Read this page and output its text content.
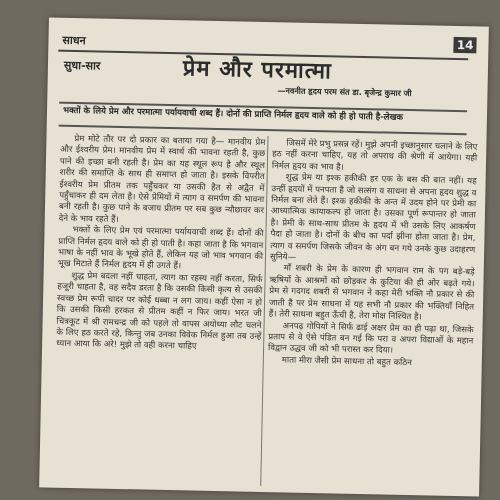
साधन	14
सुधा-सार	प्रेम और परमात्मा
—नवनीत हृदय परम संत डा. बृजेन्द्र कुमार जी
भक्तों के लिये प्रेम और परमात्मा पर्यायवाची शब्द हैं। दोनों की प्राप्ति निर्मल हृदय वाले को ही हो पाती है-लेखक

प्रेम मोटे तौर पर दो प्रकार का बताया गया है— मानवीय प्रेम और ईश्वरीय प्रेम। मानवीय प्रेम में स्वार्थ की भावना रहती है, कुछ पाने की इच्छा बनी रहती है। प्रेम का यह स्थूल रूप है और स्थूल शरीर की समाप्ति के साथ ही समाप्त हो जाता है। इसके विपरीत ईश्वरीय प्रेम प्रीतम तक पहुँचकर या उसकी हैत से अद्वैत में पहुँचाकर ही दम लेता है। ऐसे प्रेमियों में त्याग व समर्पण की भावना बनी रहती है। कुछ पाने के बजाय प्रीतम पर सब कुछ न्यौछावर कर देने के भाव रहते हैं।

भक्तों के लिए प्रेम एवं परमात्मा पर्यायवाची शब्द हैं। दोनों की प्राप्ति निर्मल हृदय वाले को ही हो पाती है। कहा जाता है कि भगवान भाषा के नहीं भाव के भूखे होते हैं, लेकिन यह जो भाव भगवान की भूख मिटाते हैं निर्मल हृदय में ही उगते हैं।

शुद्ध प्रेम बदला नहीं चाहता, त्याग का रहस्य नहीं करता, सिर्फ हजूरी चाहता है, वह सदैव डरता है कि उसकी किसी कृत्य से उसकी स्वच्छ प्रेम रूपी चादर पर कोई धब्बा न लग जाय। कहीं ऐसा न हो कि उसकी किसी हरकत से प्रीतम कहीं न फिर जाय। भरत जी चित्रकूट में श्री रामचन्द्र जी को पहले तो वापस अयोध्या लौट चलने के लिए हठ करते रहे, किन्तु जब उनका विवेक निर्मल हुआ तब उन्हें ध्यान आया कि अरे! मुझे तो वही करना चाहिए

जिसमें मेरे प्रभु प्रसन्न रहें। मुझे अपनी इच्छानुसार चलाने के लिए हठ नहीं करना चाहिए, यह तो अपराध की श्रेणी में आयेगा। यही निर्मल हृदय का भाव है।

शुद्ध प्रेम या इश्क हकीकी हर एक के बस की बात नहीं। यह उन्हीं हृदयों में पनपता है जो सत्संग व साधना से अपना हृदय शुद्ध व निर्मल बना लेते हैं। इश्क हकीकी के अन्त में उदय होने पर प्रेमी का आध्यात्मिक कायाकल्प हो जाता है। उसका पूर्ण रूपान्तर हो जाता है। प्रेमी के साथ-साथ प्रीतम के हृदय में भी उसके लिए आकर्षण पैदा हो जाता है। दोनों के बीच का पर्दा झीना होता जाता है। प्रेम, त्याग व समर्पण जिसके जीवन के अंग बन गये उनके कुछ उदाहरण सुनिये—

माँ शबरी के प्रेम के कारण ही भगवान राम के पग बड़े-बड़े ऋषियों के आश्रमों को छोड़कर के कुटिया की ही ओर बढ़ते गये। प्रेम से गदगद शबरी से भगवान ने कहा मेरी भक्ति नौ प्रकार से की जाती है पर प्रेम साधना में यह सभी नौ प्रकार की भक्तियाँ निहित हैं। तेरी साधना बहुत ऊँची है, तेरा मोक्ष निश्चित है।

अनपढ़ गोपियों ने सिर्फ ढाई अक्षर प्रेम का ही पढ़ा था, जिसके प्रताप से वे ऐसे पंडित बन गई कि परा व अपरा विद्याओं के महान विद्वान उद्धव जी को भी परास्त कर दिया।

माता मीरा जैसी प्रेम साधना तो बहुत कठिन
